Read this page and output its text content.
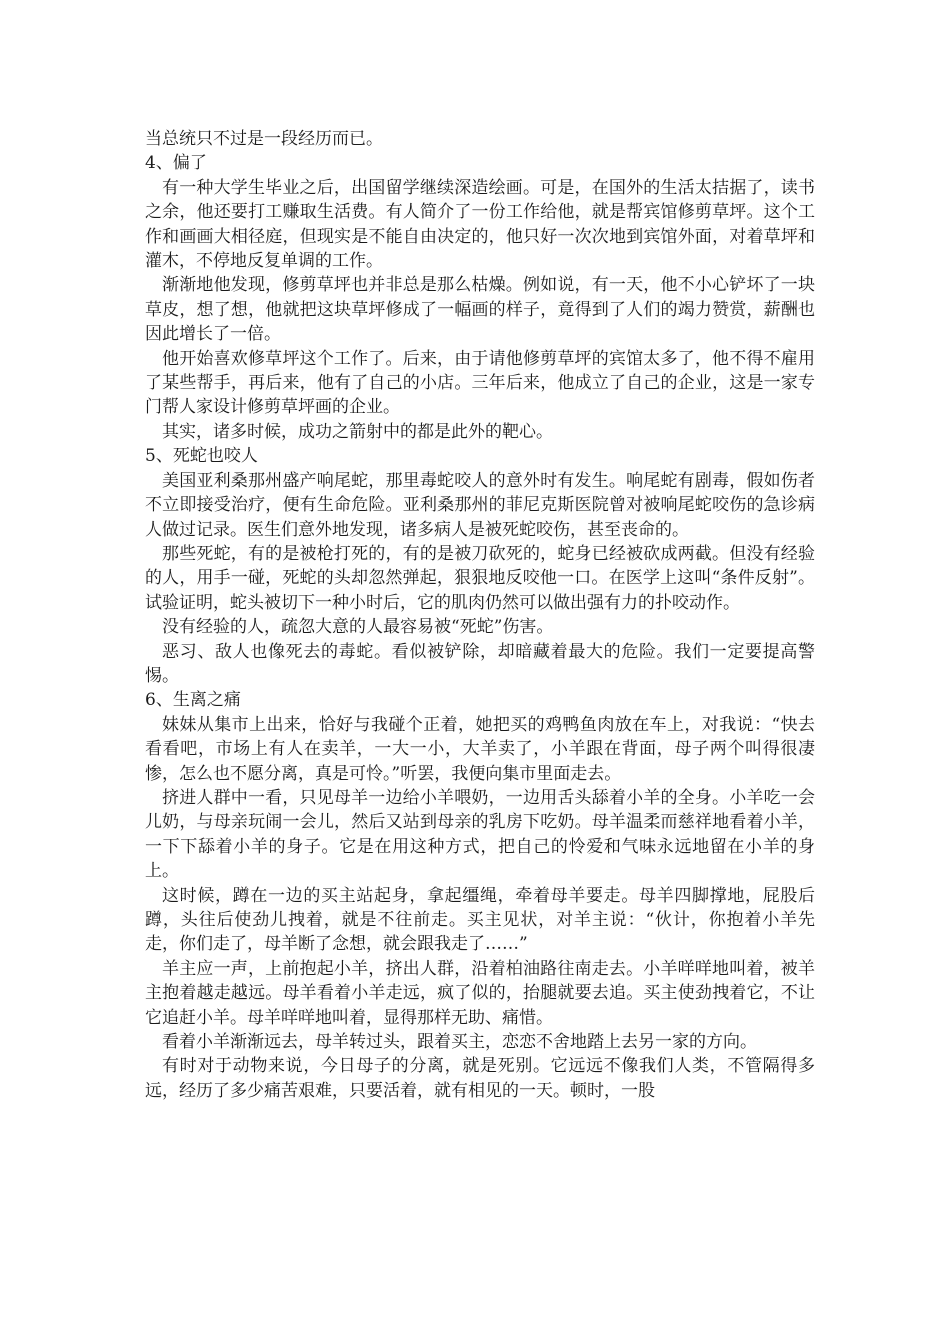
当总统只不过是一段经历而已。

4、偏了

有一种大学生毕业之后，出国留学继续深造绘画。可是，在国外的生活太拮据了，读书之余，他还要打工赚取生活费。有人简介了一份工作给他，就是帮宾馆修剪草坪。这个工作和画画大相径庭，但现实是不能自由决定的，他只好一次次地到宾馆外面，对着草坪和灌木，不停地反复单调的工作。

渐渐地他发现，修剪草坪也并非总是那么枯燥。例如说，有一天，他不小心铲坏了一块草皮，想了想，他就把这块草坪修成了一幅画的样子，竟得到了人们的竭力赞赏，薪酬也因此增长了一倍。

他开始喜欢修草坪这个工作了。后来，由于请他修剪草坪的宾馆太多了，他不得不雇用了某些帮手，再后来，他有了自己的小店。三年后来，他成立了自己的企业，这是一家专门帮人家设计修剪草坪画的企业。

其实，诸多时候，成功之箭射中的都是此外的靶心。

5、死蛇也咬人

美国亚利桑那州盛产响尾蛇，那里毒蛇咬人的意外时有发生。响尾蛇有剧毒，假如伤者不立即接受治疗，便有生命危险。亚利桑那州的菲尼克斯医院曾对被响尾蛇咬伤的急诊病人做过记录。医生们意外地发现，诸多病人是被死蛇咬伤，甚至丧命的。

那些死蛇，有的是被枪打死的，有的是被刀砍死的，蛇身已经被砍成两截。但没有经验的人，用手一碰，死蛇的头却忽然弹起，狠狠地反咬他一口。在医学上这叫“条件反射”。试验证明，蛇头被切下一种小时后，它的肌肉仍然可以做出强有力的扑咬动作。

没有经验的人，疏忽大意的人最容易被“死蛇”伤害。

恶习、敌人也像死去的毒蛇。看似被铲除，却暗藏着最大的危险。我们一定要提高警惕。

6、生离之痛

妹妹从集市上出来，恰好与我碰个正着，她把买的鸡鸭鱼肉放在车上，对我说：“快去看看吧，市场上有人在卖羊，一大一小，大羊卖了，小羊跟在背面，母子两个叫得很凄惨，怎么也不愿分离，真是可怜。”听罢，我便向集市里面走去。

挤进人群中一看，只见母羊一边给小羊喂奶，一边用舌头舔着小羊的全身。小羊吃一会儿奶，与母亲玩闹一会儿，然后又站到母亲的乳房下吃奶。母羊温柔而慈祥地看着小羊，一下下舔着小羊的身子。它是在用这种方式，把自己的怜爱和气味永远地留在小羊的身上。

这时候，蹲在一边的买主站起身，拿起缰绳，牵着母羊要走。母羊四脚撑地，屁股后蹲，头往后使劲儿拽着，就是不往前走。买主见状，对羊主说：“伙计，你抱着小羊先走，你们走了，母羊断了念想，就会跟我走了……”

羊主应一声，上前抱起小羊，挤出人群，沿着柏油路往南走去。小羊咩咩地叫着，被羊主抱着越走越远。母羊看着小羊走远，疯了似的，抬腿就要去追。买主使劲拽着它，不让它追赶小羊。母羊咩咩地叫着，显得那样无助、痛惜。

看着小羊渐渐远去，母羊转过头，跟着买主，恋恋不舍地踏上去另一家的方向。

有时对于动物来说，今日母子的分离，就是死别。它远远不像我们人类，不管隔得多远，经历了多少痛苦艰难，只要活着，就有相见的一天。顿时，一股
